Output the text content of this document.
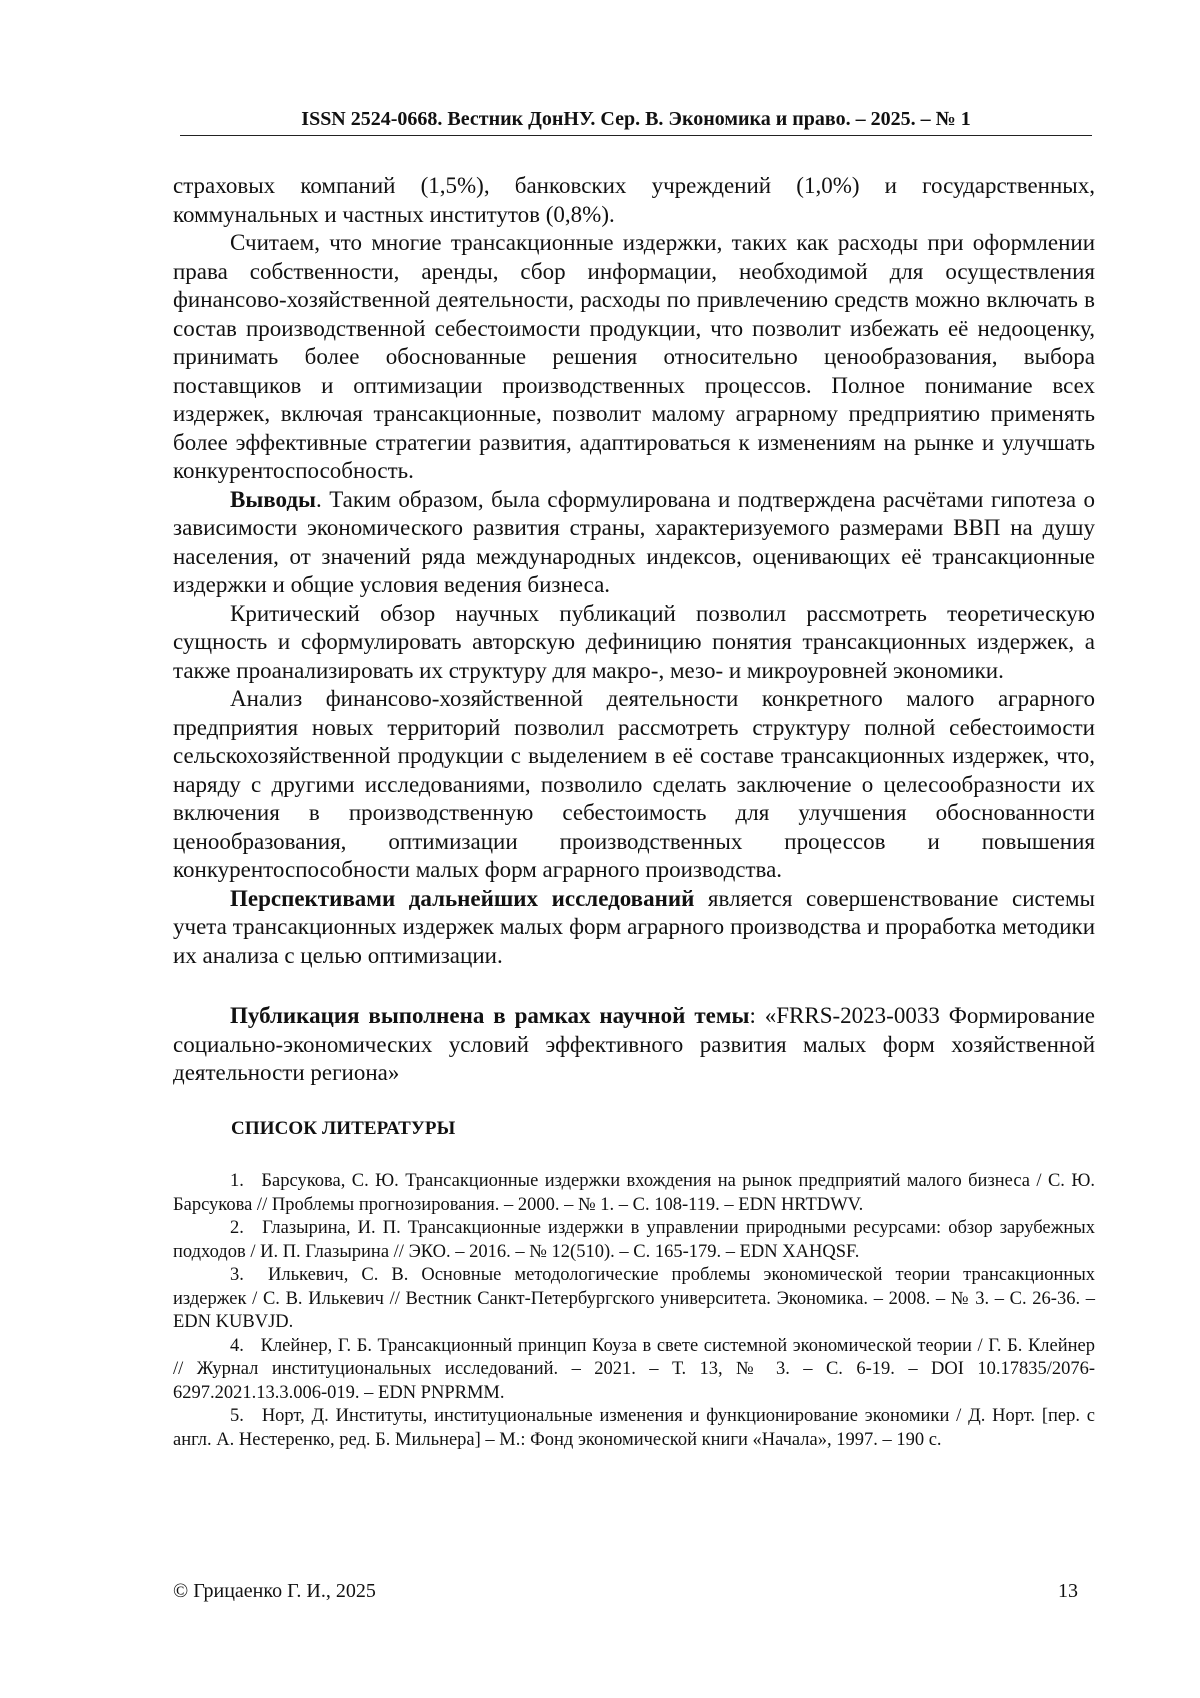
ISSN 2524-0668. Вестник ДонНУ. Сер. В. Экономика и право. – 2025. – № 1

страховых компаний (1,5%), банковских учреждений (1,0%) и государственных, коммунальных и частных институтов (0,8%).

Считаем, что многие трансакционные издержки, таких как расходы при оформлении права собственности, аренды, сбор информации, необходимой для осуществления финансово-хозяйственной деятельности, расходы по привлечению средств можно включать в состав производственной себестоимости продукции, что позволит избежать её недооценку, принимать более обоснованные решения относительно ценообразования, выбора поставщиков и оптимизации производственных процессов. Полное понимание всех издержек, включая трансакционные, позволит малому аграрному предприятию применять более эффективные стратегии развития, адаптироваться к изменениям на рынке и улучшать конкурентоспособность.

Выводы. Таким образом, была сформулирована и подтверждена расчётами гипотеза о зависимости экономического развития страны, характеризуемого размерами ВВП на душу населения, от значений ряда международных индексов, оценивающих её трансакционные издержки и общие условия ведения бизнеса.

Критический обзор научных публикаций позволил рассмотреть теоретическую сущность и сформулировать авторскую дефиницию понятия трансакционных издержек, а также проанализировать их структуру для макро-, мезо- и микроуровней экономики.

Анализ финансово-хозяйственной деятельности конкретного малого аграрного предприятия новых территорий позволил рассмотреть структуру полной себестоимости сельскохозяйственной продукции с выделением в её составе трансакционных издержек, что, наряду с другими исследованиями, позволило сделать заключение о целесообразности их включения в производственную себестоимость для улучшения обоснованности ценообразования, оптимизации производственных процессов и повышения конкурентоспособности малых форм аграрного производства.

Перспективами дальнейших исследований является совершенствование системы учета трансакционных издержек малых форм аграрного производства и проработка методики их анализа с целью оптимизации.

Публикация выполнена в рамках научной темы: «FRRS-2023-0033 Формирование социально-экономических условий эффективного развития малых форм хозяйственной деятельности региона»

СПИСОК ЛИТЕРАТУРЫ

1. Барсукова, С. Ю. Трансакционные издержки вхождения на рынок предприятий малого бизнеса / С. Ю. Барсукова // Проблемы прогнозирования. – 2000. – № 1. – С. 108-119. – EDN HRTDWV.

2. Глазырина, И. П. Трансакционные издержки в управлении природными ресурсами: обзор зарубежных подходов / И. П. Глазырина // ЭКО. – 2016. – № 12(510). – С. 165-179. – EDN XAHQSF.

3. Илькевич, С. В. Основные методологические проблемы экономической теории трансакционных издержек / С. В. Илькевич // Вестник Санкт-Петербургского университета. Экономика. – 2008. – № 3. – С. 26-36. – EDN KUBVJD.

4. Клейнер, Г. Б. Трансакционный принцип Коуза в свете системной экономической теории / Г. Б. Клейнер // Журнал институциональных исследований. – 2021. – Т. 13, № 3. – С. 6-19. – DOI 10.17835/2076-6297.2021.13.3.006-019. – EDN PNPRMM.

5. Норт, Д. Институты, институциональные изменения и функционирование экономики / Д. Норт. [пер. с англ. А. Нестеренко, ред. Б. Мильнера] – М.: Фонд экономической книги «Начала», 1997. – 190 с.

© Грицаенко Г. И., 2025	13
